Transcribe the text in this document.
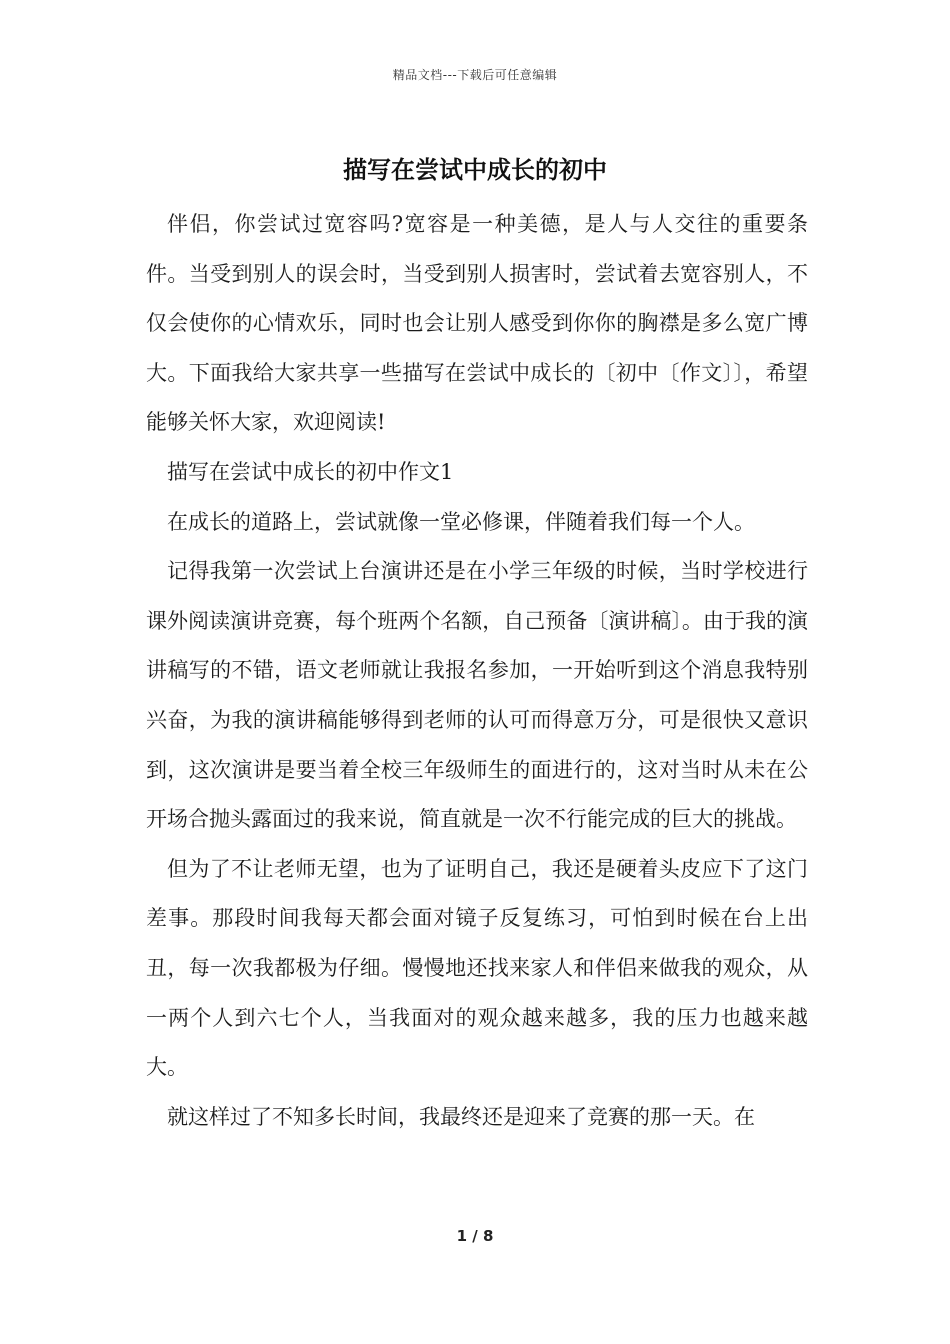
精品文档---下载后可任意编辑
描写在尝试中成长的初中

伴侣，你尝试过宽容吗?宽容是一种美德，是人与人交往的重要条件。当受到别人的误会时，当受到别人损害时，尝试着去宽容别人，不仅会使你的心情欢乐，同时也会让别人感受到你你的胸襟是多么宽广博大。下面我给大家共享一些描写在尝试中成长的〔初中〔作文〕〕，希望能够关怀大家，欢迎阅读!

描写在尝试中成长的初中作文1

在成长的道路上，尝试就像一堂必修课，伴随着我们每一个人。

记得我第一次尝试上台演讲还是在小学三年级的时候，当时学校进行课外阅读演讲竞赛，每个班两个名额，自己预备〔演讲稿〕。由于我的演讲稿写的不错，语文老师就让我报名参加，一开始听到这个消息我特别兴奋，为我的演讲稿能够得到老师的认可而得意万分，可是很快又意识到，这次演讲是要当着全校三年级师生的面进行的，这对当时从未在公开场合抛头露面过的我来说，简直就是一次不行能完成的巨大的挑战。

但为了不让老师无望，也为了证明自己，我还是硬着头皮应下了这门差事。那段时间我每天都会面对镜子反复练习，可怕到时候在台上出丑，每一次我都极为仔细。慢慢地还找来家人和伴侣来做我的观众，从一两个人到六七个人，当我面对的观众越来越多，我的压力也越来越大。

就这样过了不知多长时间，我最终还是迎来了竞赛的那一天。在

1 / 8
